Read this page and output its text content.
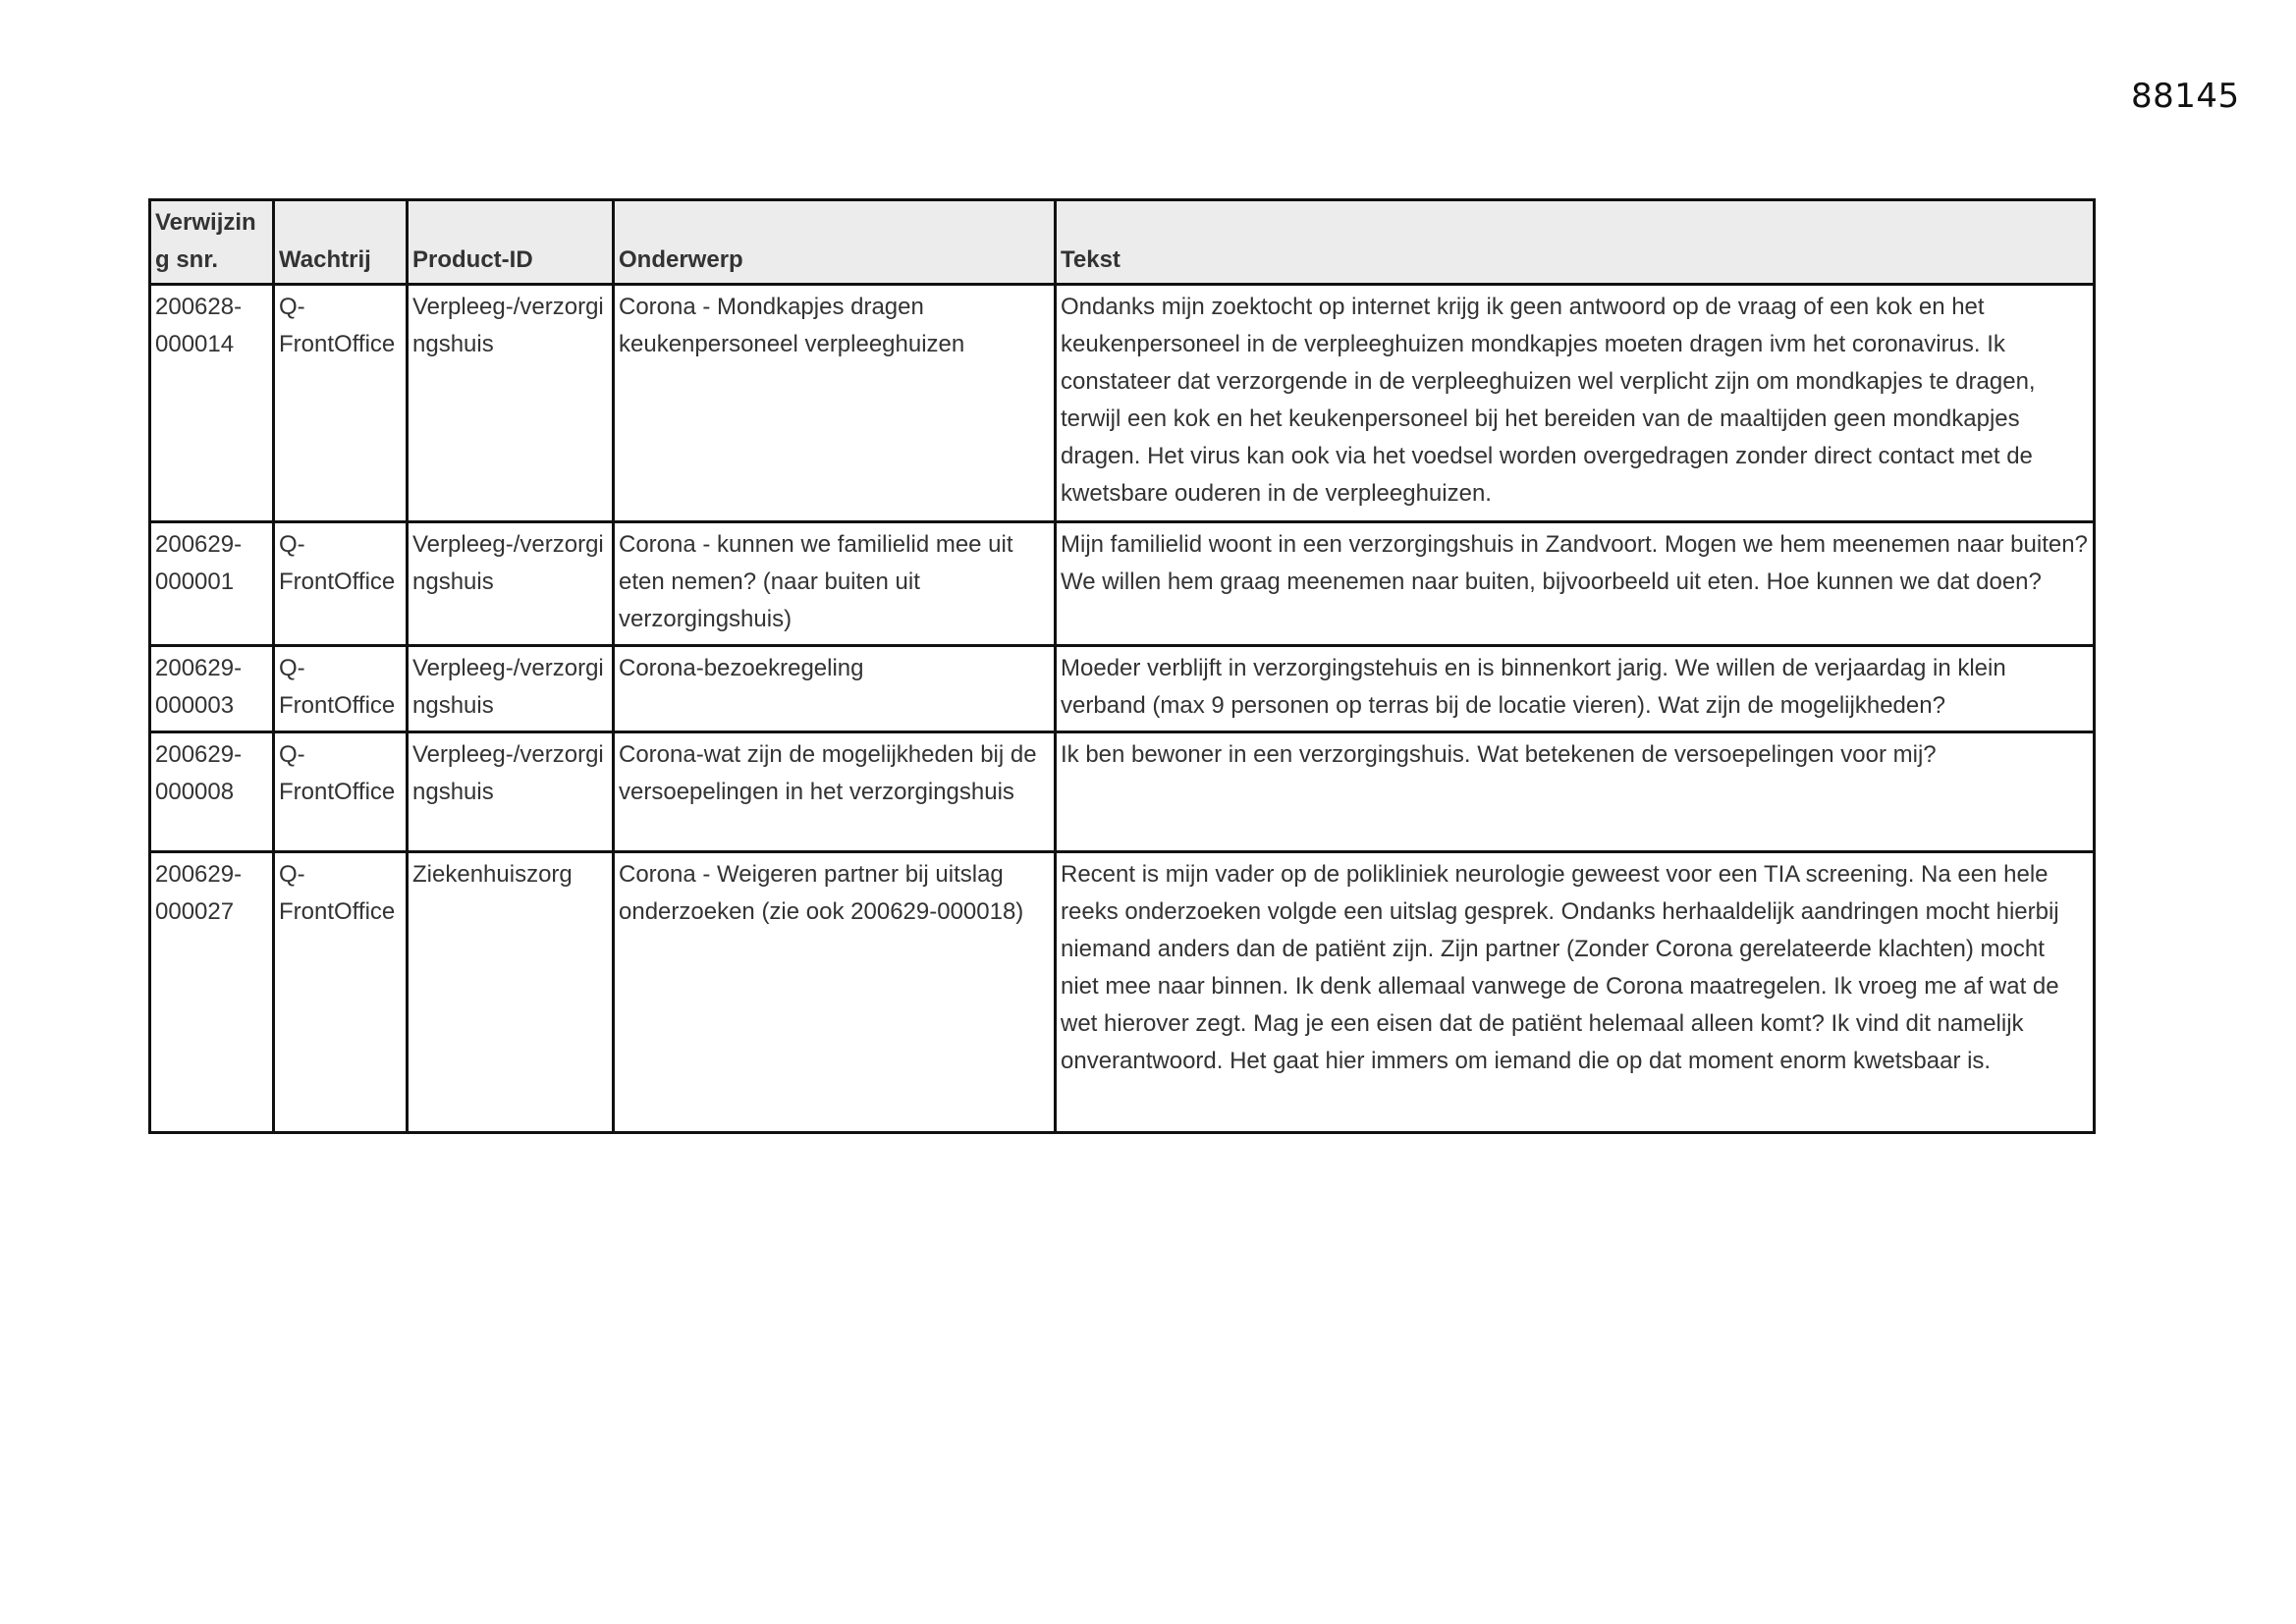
88145
Verwijzing snr.	Wachtrij	Product-ID	Onderwerp	Tekst
200628-000014	Q-FrontOffice	Verpleeg-/verzorgingshuis	Corona - Mondkapjes dragen keukenpersoneel verpleeghuizen	Ondanks mijn zoektocht op internet krijg ik geen antwoord op de vraag of een kok en het keukenpersoneel in de verpleeghuizen mondkapjes moeten dragen ivm het coronavirus. Ik constateer dat verzorgende in de verpleeghuizen wel verplicht zijn om mondkapjes te dragen, terwijl een kok en het keukenpersoneel bij het bereiden van de maaltijden geen mondkapjes dragen. Het virus kan ook via het voedsel worden overgedragen zonder direct contact met de kwetsbare ouderen in de verpleeghuizen.
200629-000001	Q-FrontOffice	Verpleeg-/verzorgingshuis	Corona - kunnen we familielid mee uit eten nemen? (naar buiten uit verzorgingshuis)	Mijn familielid woont in een verzorgingshuis in Zandvoort. Mogen we hem meenemen naar buiten? We willen hem graag meenemen naar buiten, bijvoorbeeld uit eten. Hoe kunnen we dat doen?
200629-000003	Q-FrontOffice	Verpleeg-/verzorgingshuis	Corona-bezoekregeling	Moeder verblijft in verzorgingstehuis en is binnenkort jarig. We willen de verjaardag in klein verband (max 9 personen op terras bij de locatie vieren). Wat zijn de mogelijkheden?
200629-000008	Q-FrontOffice	Verpleeg-/verzorgingshuis	Corona-wat zijn de mogelijkheden bij de versoepelingen in het verzorgingshuis	Ik ben bewoner in een verzorgingshuis. Wat betekenen de versoepelingen voor mij?
200629-000027	Q-FrontOffice	Ziekenhuiszorg	Corona - Weigeren partner bij uitslag onderzoeken (zie ook 200629-000018)	Recent is mijn vader op de polikliniek neurologie geweest voor een TIA screening. Na een hele reeks onderzoeken volgde een uitslag gesprek. Ondanks herhaaldelijk aandringen mocht hierbij niemand anders dan de patiënt zijn. Zijn partner (Zonder Corona gerelateerde klachten) mocht niet mee naar binnen. Ik denk allemaal vanwege de Corona maatregelen. Ik vroeg me af wat de wet hierover zegt. Mag je een eisen dat de patiënt helemaal alleen komt? Ik vind dit namelijk onverantwoord. Het gaat hier immers om iemand die op dat moment enorm kwetsbaar is.
